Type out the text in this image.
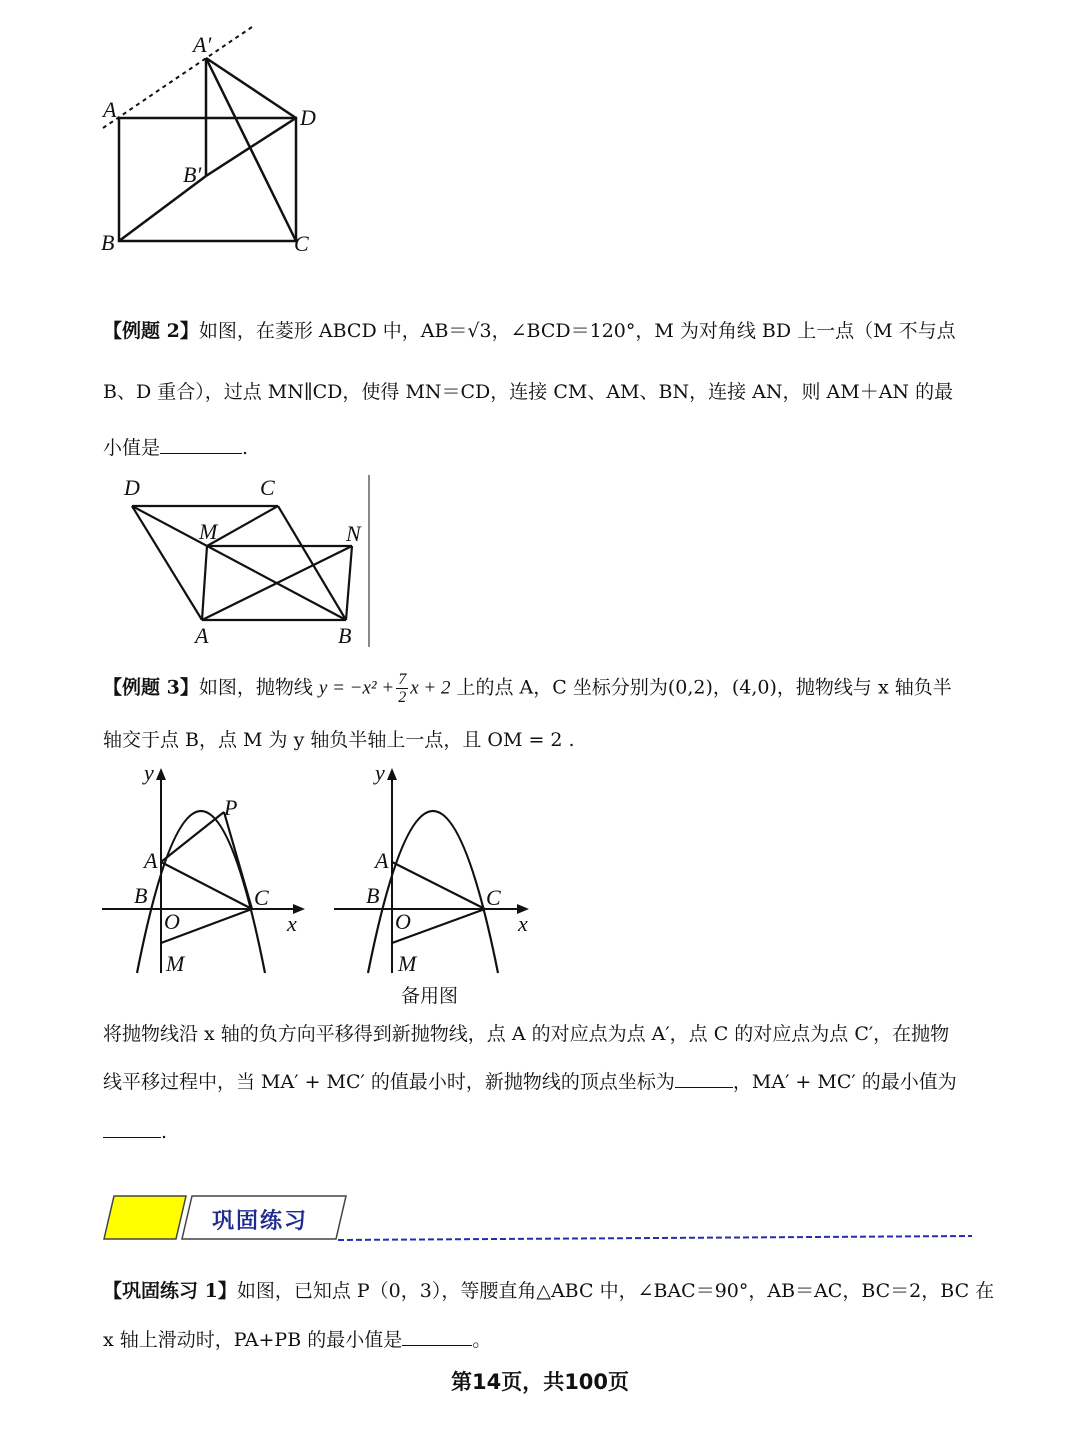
A′
A	D
B′
B	C
【例题 2】如图，在菱形 ABCD 中，AB＝√3，∠BCD＝120°，M 为对角线 BD 上一点（M 不与点
B、D 重合），过点 MN∥CD，使得 MN＝CD，连接 CM、AM、BN，连接 AN，则 AM＋AN 的最
小值是	.
D	C
M	N
A	B
【例题 3】如图，抛物线 $y = -x^2 + \frac{7}{2}$ x + 2 上的点 A，C 坐标分别为(0,2)，(4,0)，抛物线与 x 轴负半
轴交于点 B，点 M 为 y 轴负半轴上一点，且 OM = 2 .
y
P
A
B	C
O	x
M
y
A
B	C
O	x
M
备用图
将抛物线沿 x 轴的负方向平移得到新抛物线，点 A 的对应点为点 A′，点 C 的对应点为点 C′，在抛物
线平移过程中，当 MA′ + MC′ 的值最小时，新抛物线的顶点坐标为	，MA′ + MC′ 的最小值为
.
巩固练习
【巩固练习 1】如图，已知点 P（0，3），等腰直角△ABC 中，∠BAC＝90°，AB＝AC，BC＝2，BC 在
x 轴上滑动时，PA+PB 的最小值是	。
第14页，共100页
